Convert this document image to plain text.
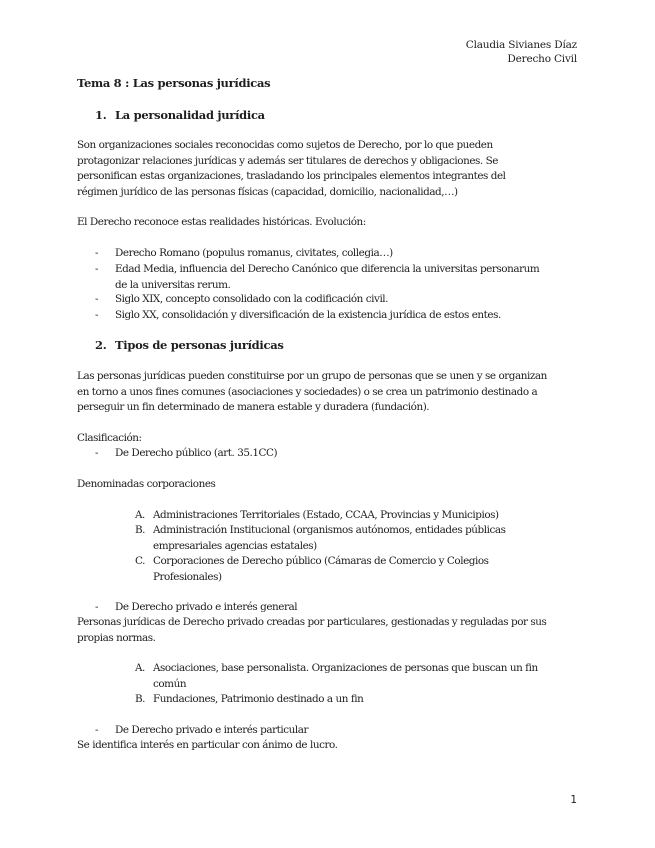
Claudia Sivianes Díaz
Derecho Civil
Tema 8 : Las personas jurídicas
1. La personalidad jurídica

Son organizaciones sociales reconocidas como sujetos de Derecho, por lo que pueden

protagonizar relaciones jurídicas y además ser titulares de derechos y obligaciones. Se

personifican estas organizaciones, trasladando los principales elementos integrantes del

régimen jurídico de las personas físicas (capacidad, domicilio, nacionalidad,…)

El Derecho reconoce estas realidades históricas. Evolución:
-	Derecho Romano (populus romanus, civitates, collegia…)
-	Edad Media, influencia del Derecho Canónico que diferencia la universitas personarum
de la universitas rerum.
-	Siglo XIX, concepto consolidado con la codificación civil.
-	Siglo XX, consolidación y diversificación de la existencia jurídica de estos entes.
2. Tipos de personas jurídicas

Las personas jurídicas pueden constituirse por un grupo de personas que se unen y se organizan

en torno a unos fines comunes (asociaciones y sociedades) o se crea un patrimonio destinado a

perseguir un fin determinado de manera estable y duradera (fundación).

Clasificación:
-	De Derecho público (art. 35.1CC)
Denominadas corporaciones
A. Administraciones Territoriales (Estado, CCAA, Provincias y Municipios)
B. Administración Institucional (organismos autónomos, entidades públicas
empresariales agencias estatales)
C. Corporaciones de Derecho público (Cámaras de Comercio y Colegios
Profesionales)
-	De Derecho privado e interés general

Personas jurídicas de Derecho privado creadas por particulares, gestionadas y reguladas por sus

propias normas.

A. Asociaciones, base personalista. Organizaciones de personas que buscan un fin
común
B. Fundaciones, Patrimonio destinado a un fin
-	De Derecho privado e interés particular
Se identifica interés en particular con ánimo de lucro.
1
